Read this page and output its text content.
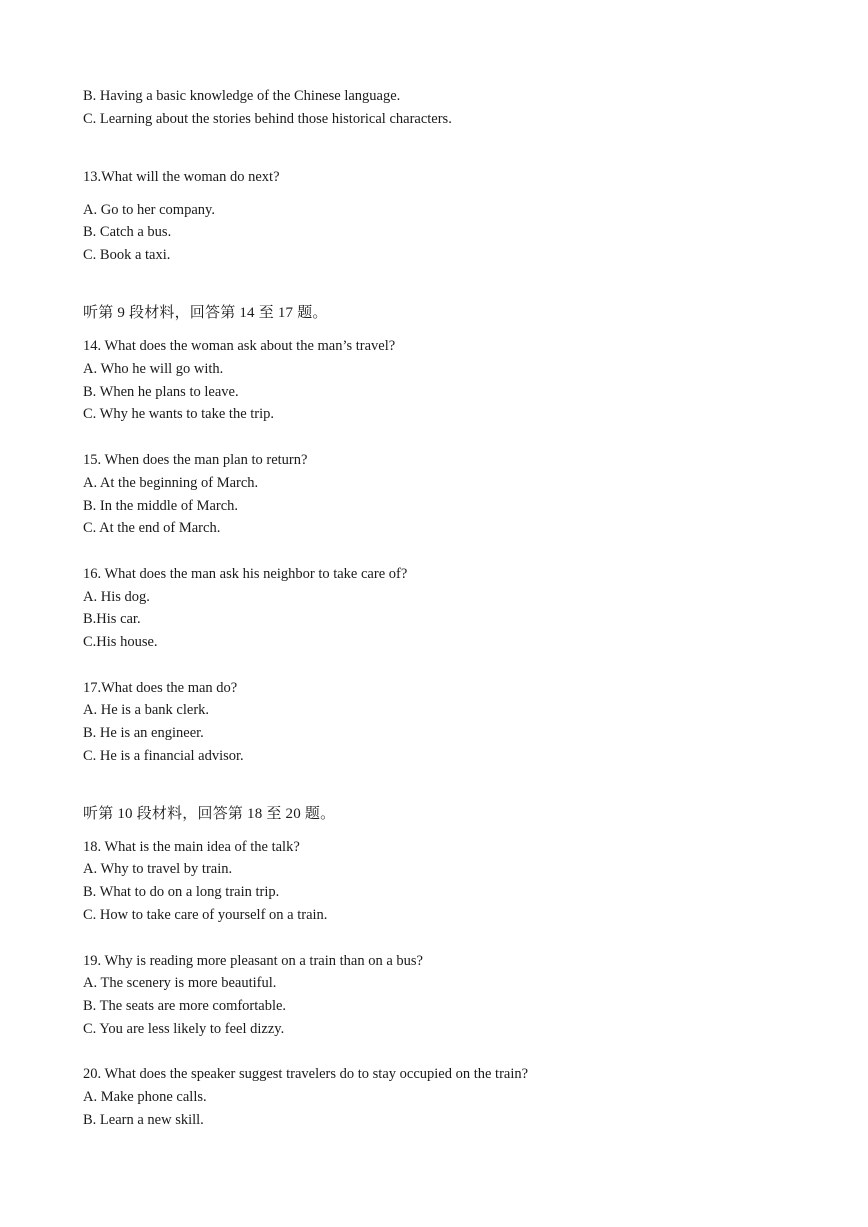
B. Having a basic knowledge of the Chinese language.
C. Learning about the stories behind those historical characters.
13.What will the woman do next?
A. Go to her company.
B. Catch a bus.
C. Book a taxi.
听第 9 段材料，回答第 14 至 17 题。
14. What does the woman ask about the man’s travel?
A. Who he will go with.
B. When he plans to leave.
C. Why he wants to take the trip.
15. When does the man plan to return?
A. At the beginning of March.
B. In the middle of March.
C. At the end of March.
16. What does the man ask his neighbor to take care of?
A. His dog.
B.His car.
C.His house.
17.What does the man do?
A. He is a bank clerk.
B. He is an engineer.
C. He is a financial advisor.
听第 10 段材料，回答第 18 至 20 题。
18. What is the main idea of the talk?
A. Why to travel by train.
B. What to do on a long train trip.
C. How to take care of yourself on a train.
19. Why is reading more pleasant on a train than on a bus?
A. The scenery is more beautiful.
B. The seats are more comfortable.
C. You are less likely to feel dizzy.
20. What does the speaker suggest travelers do to stay occupied on the train?
A. Make phone calls.
B. Learn a new skill.
